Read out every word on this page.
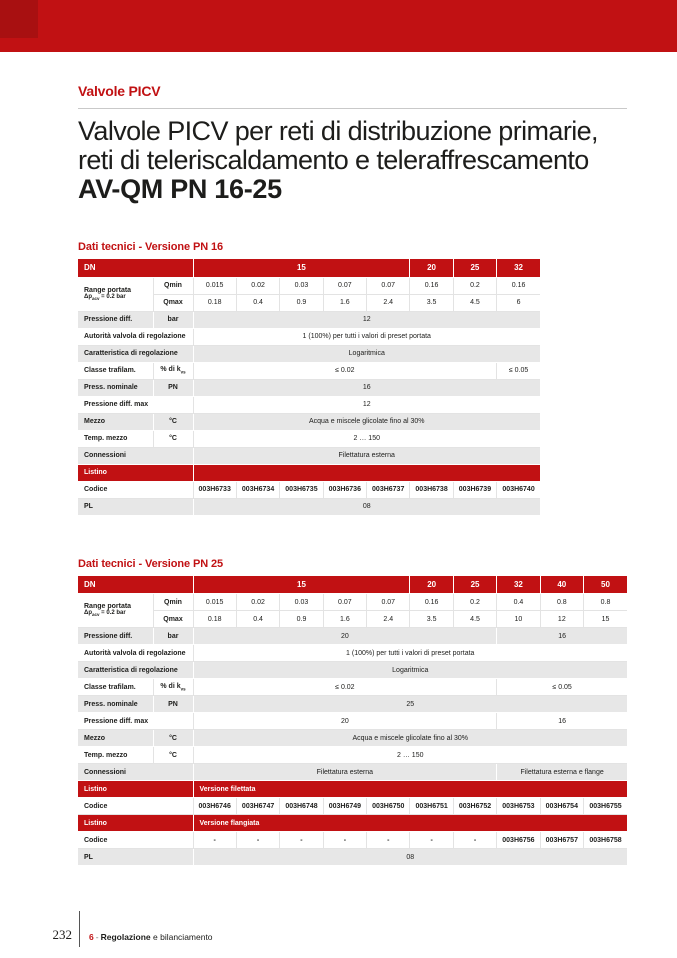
Valvole PICV
Valvole PICV per reti di distribuzione primarie,
reti di teleriscaldamento e teleraffrescamento
AV-QM PN 16-25
Dati tecnici - Versione PN 16
DN		15					20	25	32

Range portata
$\Delta p_{acv} = 0.2$ bar	Qmin	0.015	0.02	0.03	0.07	0.07	0.16	0.2	0.16
	Qmax	0.18	0.4	0.9	1.6	2.4	3.5	4.5	6
Pressione diff.	bar	12							
Autorità valvola di regolazione		1 (100%) per tutti i valori di preset portata							
Caratteristica di regolazione		Logaritmica							
Classe trafilam.	% di $k_{vs}$	≤ 0.02							≤ 0.05
Press. nominale	PN	16							
Pressione diff. max		12							
Mezzo	°C	Acqua e miscele glicolate fino al 30%							
Temp. mezzo	°C	2 … 150							
Connessioni		Filettatura esterna							
Listino									
Codice		003H6733	003H6734	003H6735	003H6736	003H6737	003H6738	003H6739	003H6740
PL		08							
Dati tecnici - Versione PN 25
DN		15					20	25	32	40	50

Range portata
$\Delta p_{acv} = 0.2$ bar	Qmin	0.015	0.02	0.03	0.07	0.07	0.16	0.2	0.4	0.8	0.8
	Qmax	0.18	0.4	0.9	1.6	2.4	3.5	4.5	10	12	15
Pressione diff.	bar	20							16		
Autorità valvola di regolazione		1 (100%) per tutti i valori di preset portata									
Caratteristica di regolazione		Logaritmica									
Classe trafilam.	% di $k_{vs}$	≤ 0.02							≤ 0.05		
Press. nominale	PN	25									
Pressione diff. max		20							16		
Mezzo	°C	Acqua e miscele glicolate fino al 30%									
Temp. mezzo	°C	2 … 150									
Connessioni		Filettatura esterna							Filettatura esterna e flange		
Listino		Versione filettata									
Codice		003H6746	003H6747	003H6748	003H6749	003H6750	003H6751	003H6752	003H6753	003H6754	003H6755
Listino		Versione flangiata									
Codice		-	-	-	-	-	-	-	003H6756	003H6757	003H6758
PL		08									
232 6 - Regolazione e bilanciamento
